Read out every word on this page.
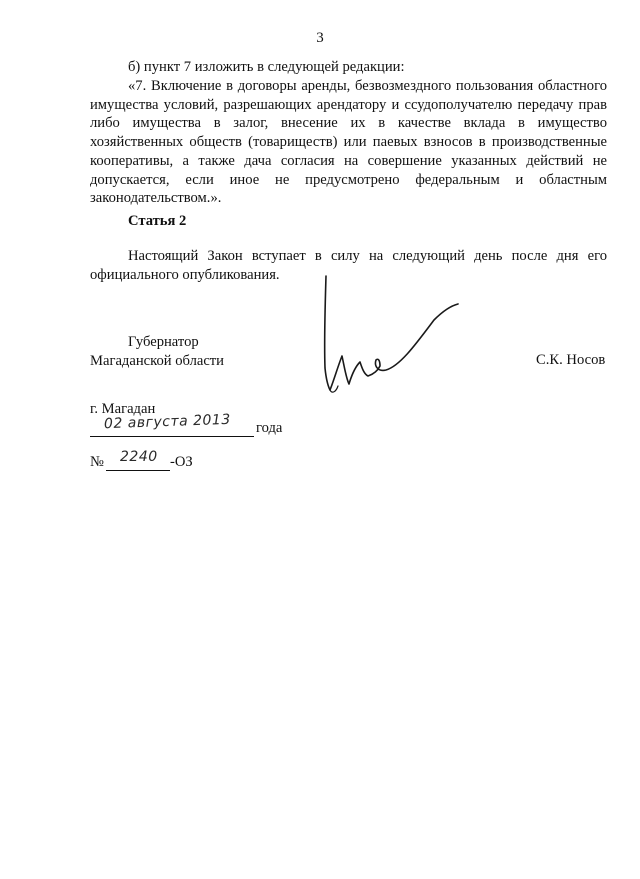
3

б) пункт 7 изложить в следующей редакции:

«7. Включение в договоры аренды, безвозмездного пользования областного имущества условий, разрешающих арендатору и ссудополучателю передачу прав либо имущества в залог, внесение их в качестве вклада в имущество хозяйственных обществ (товариществ) или паевых взносов в производственные кооперативы, а также дача согласия на совершение указанных действий не допускается, если иное не предусмотрено федеральным и областным законодательством.».

Статья 2

Настоящий Закон вступает в силу на следующий день после дня его официального опубликования.

Губернатор
Магаданской области	С.К. Носов
г. Магадан
02 августа 2013 года
№ 2240 -ОЗ
